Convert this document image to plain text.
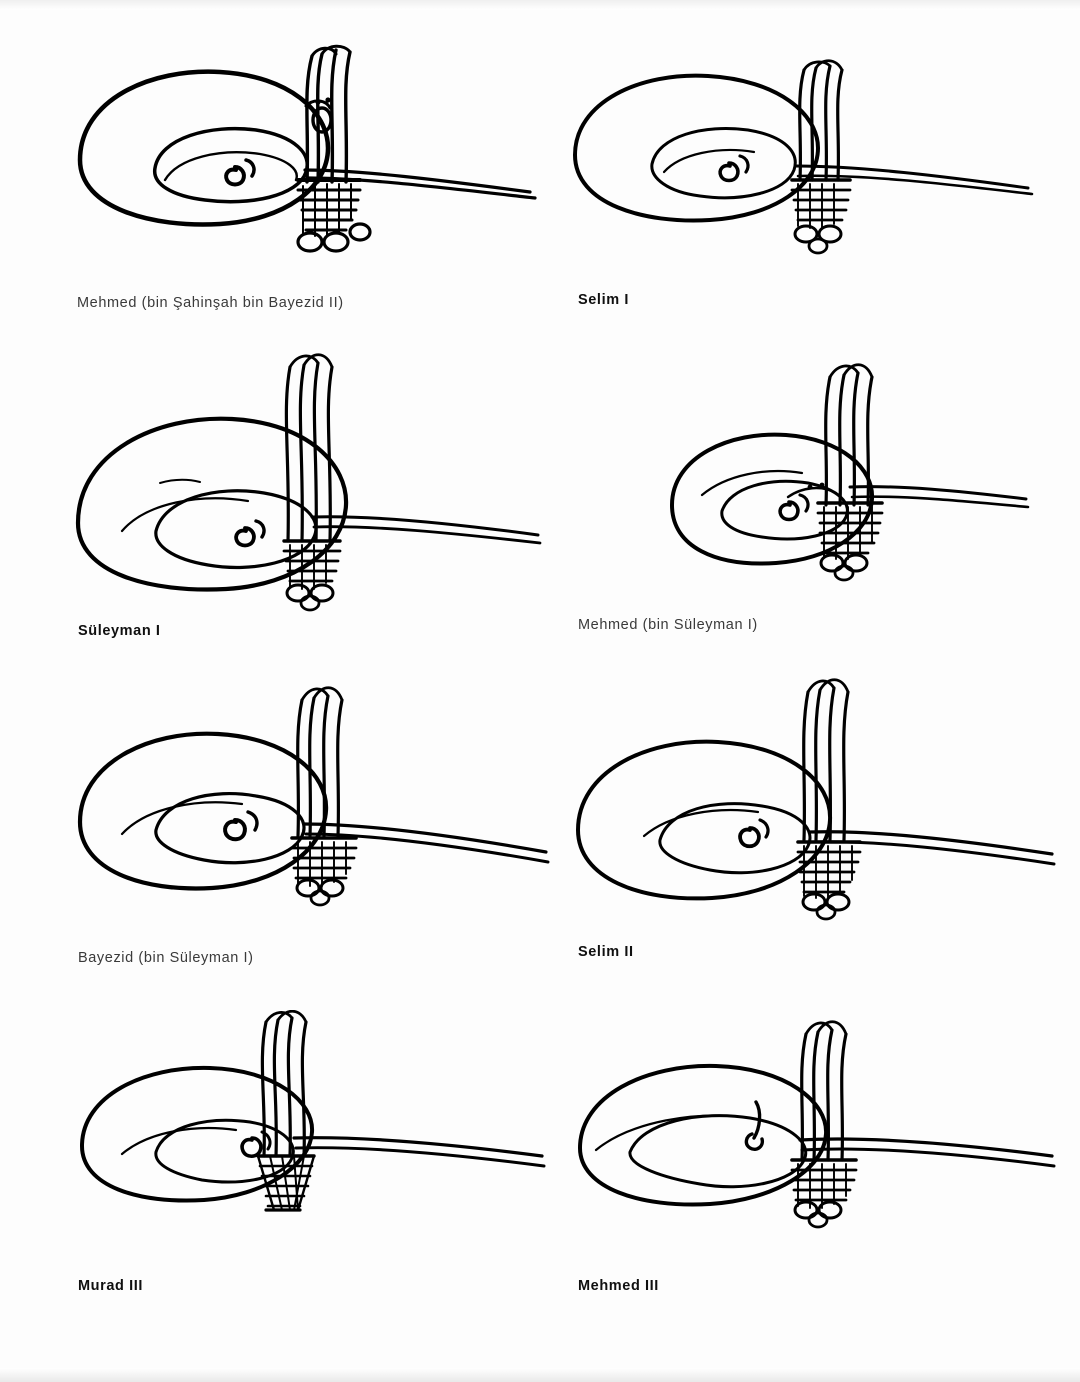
Mehmed (bin Şahinşah bin Bayezid II)	Selim I
Süleyman I	Mehmed (bin Süleyman I)
Bayezid (bin Süleyman I)	Selim II
Murad III	Mehmed III
